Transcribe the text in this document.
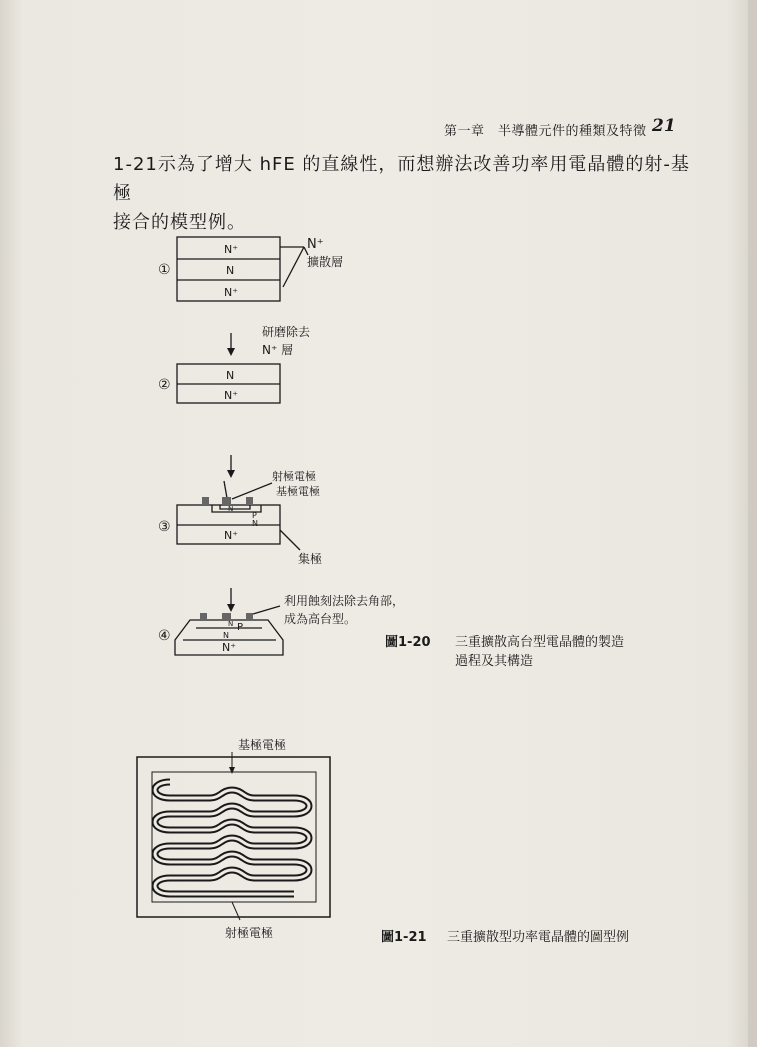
第一章　半導體元件的種類及特徵 21
1-21示為了增大 hFE 的直線性，而想辦法改善功率用電晶體的射-基極
接合的模型例。
①
②
③
④
N⁺
N
N⁺
N⁺
擴散層
研磨除去
N⁺ 層
N
N⁺
射極電極
基極電極
集極
N
P
N
N⁺
利用蝕刻法除去角部，
成為高台型。
N P
N
N⁺
基極電極
射極電極
圖1-20 三重擴散高台型電晶體的製造
過程及其構造
圖1-21 三重擴散型功率電晶體的圖型例
